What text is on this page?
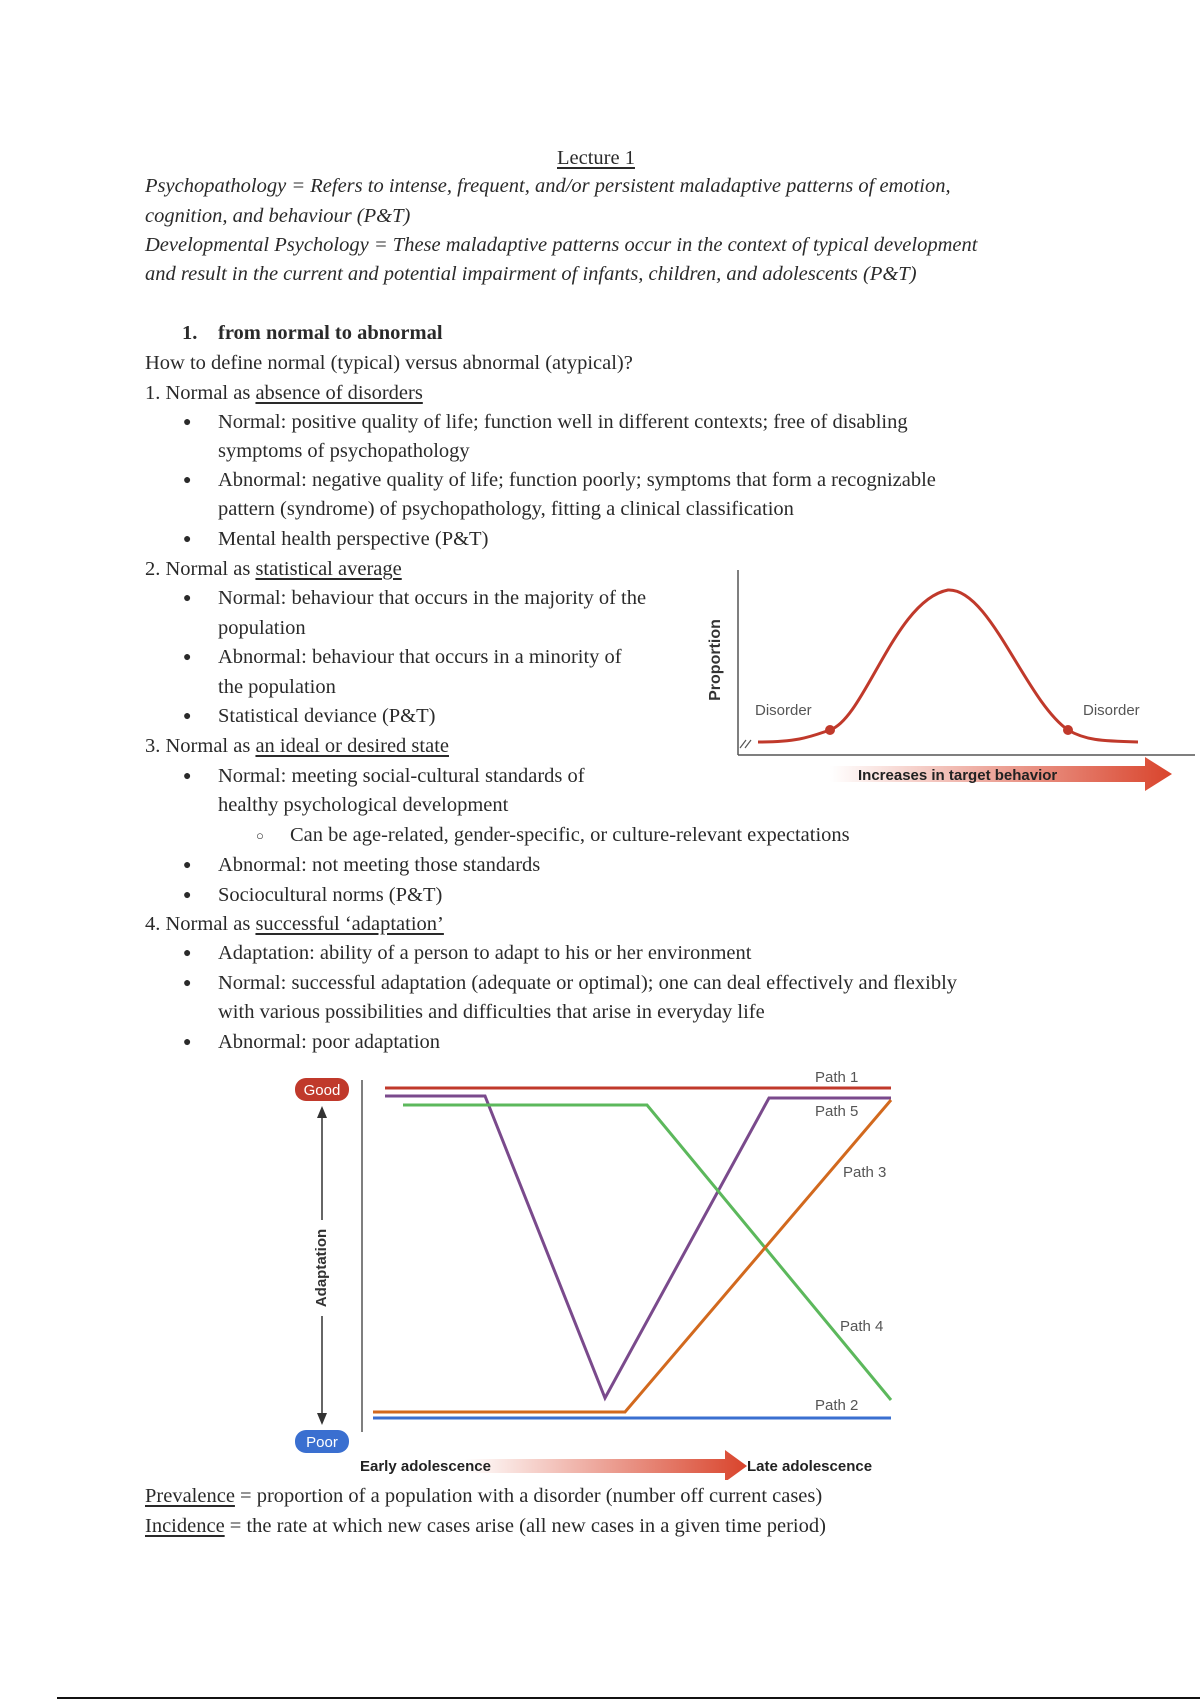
Lecture 1
Psychopathology = Refers to intense, frequent, and/or persistent maladaptive patterns of emotion,
cognition, and behaviour (P&T)
Developmental Psychology = These maladaptive patterns occur in the context of typical development
and result in the current and potential impairment of infants, children, and adolescents (P&T)
1. from normal to abnormal
How to define normal (typical) versus abnormal (atypical)?
1. Normal as absence of disorders
● Normal: positive quality of life; function well in different contexts; free of disabling
symptoms of psychopathology
● Abnormal: negative quality of life; function poorly; symptoms that form a recognizable
pattern (syndrome) of psychopathology, fitting a clinical classification
● Mental health perspective (P&T)
2. Normal as statistical average
● Normal: behaviour that occurs in the majority of the
population
● Abnormal: behaviour that occurs in a minority of
the population
● Statistical deviance (P&T)
3. Normal as an ideal or desired state
● Normal: meeting social-cultural standards of
healthy psychological development
○ Can be age-related, gender-specific, or culture-relevant expectations
● Abnormal: not meeting those standards
● Sociocultural norms (P&T)
4. Normal as successful ‘adaptation’
● Adaptation: ability of a person to adapt to his or her environment
● Normal: successful adaptation (adequate or optimal); one can deal effectively and flexibly
with various possibilities and difficulties that arise in everyday life
● Abnormal: poor adaptation
Proportion
Disorder	Disorder
Increases in target behavior
Good
Poor
Adaptation
Path 1
Path 5
Path 3
Path 4
Path 2
Early adolescence	Late adolescence
Prevalence = proportion of a population with a disorder (number off current cases)
Incidence = the rate at which new cases arise (all new cases in a given time period)
